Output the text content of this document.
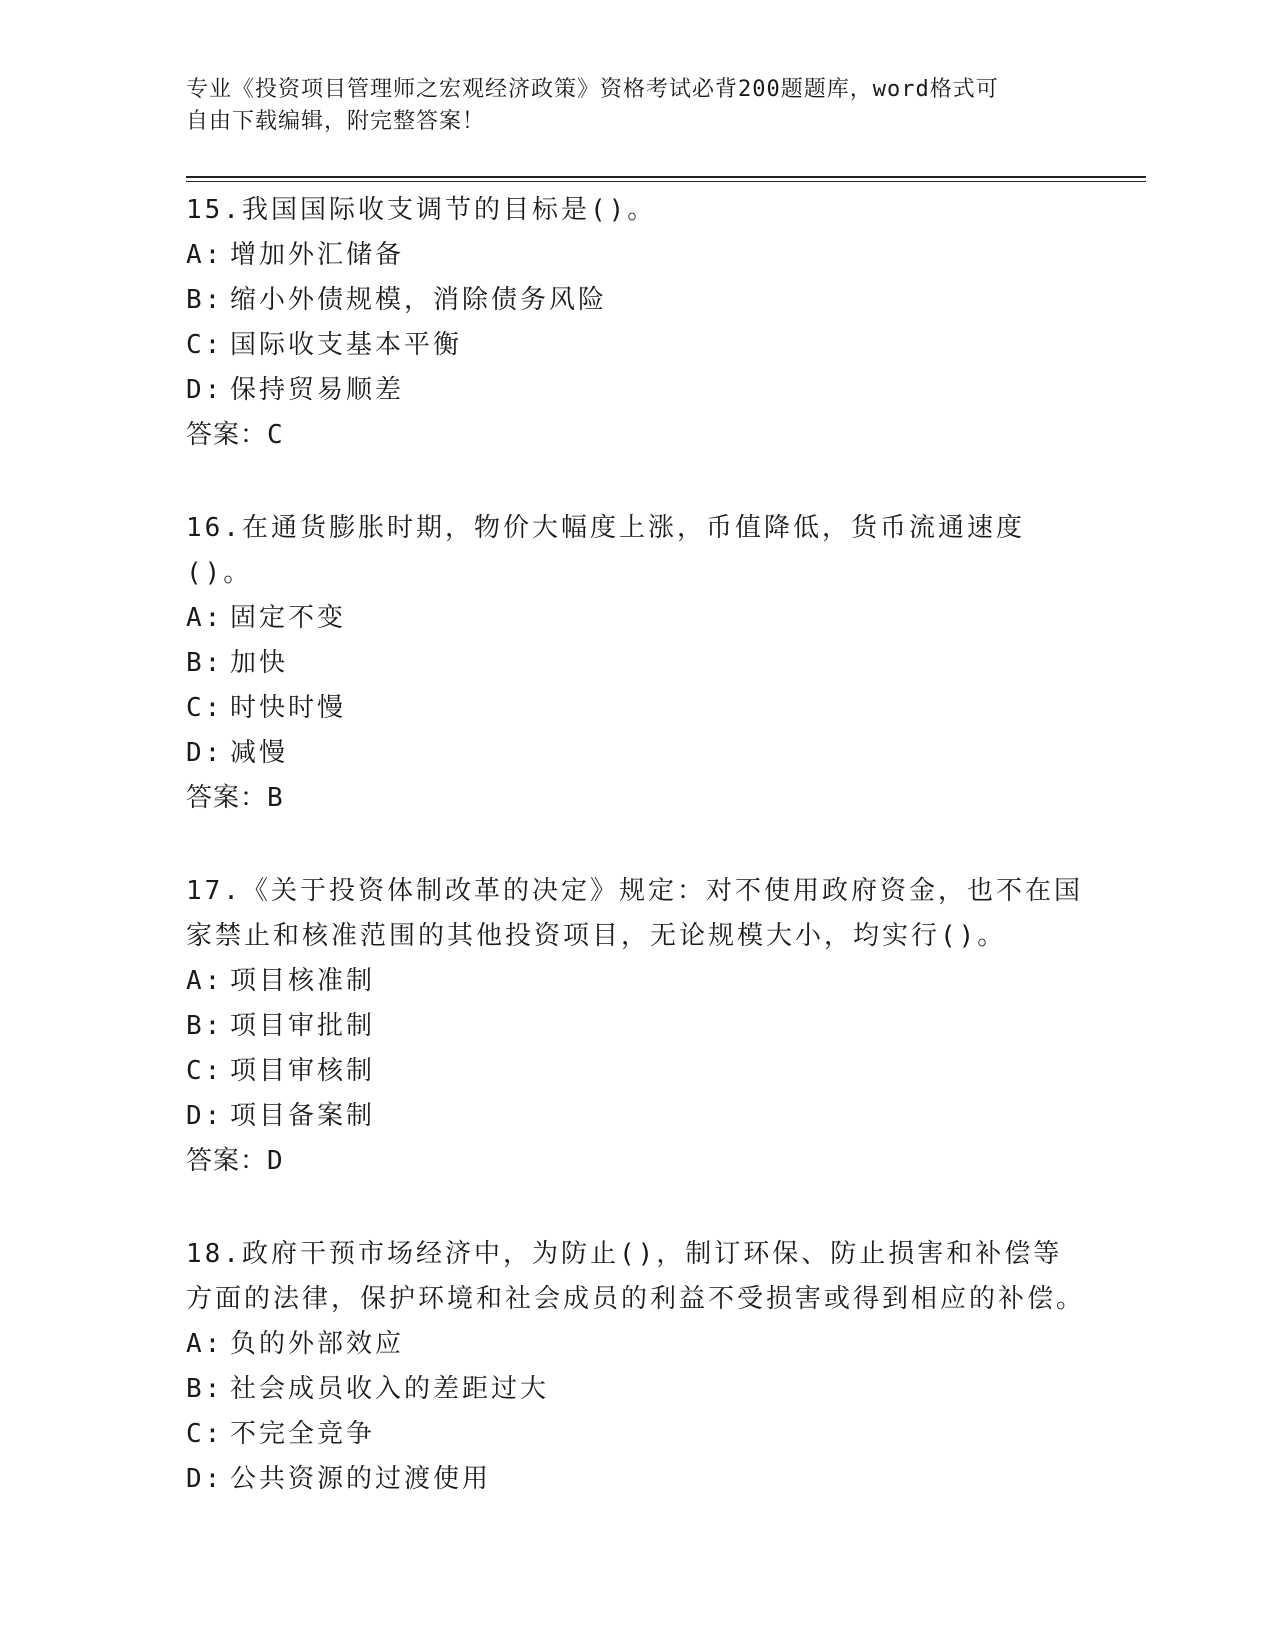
专业《投资项目管理师之宏观经济政策》资格考试必背200题题库，word格式可
自由下载编辑，附完整答案！
15.我国国际收支调节的目标是()。
A: 增加外汇储备
B: 缩小外债规模，消除债务风险
C: 国际收支基本平衡
D: 保持贸易顺差
答案：C
16.在通货膨胀时期，物价大幅度上涨，币值降低，货币流通速度()。
A: 固定不变
B: 加快
C: 时快时慢
D: 减慢
答案：B
17.《关于投资体制改革的决定》规定：对不使用政府资金，也不在国家禁止和核准范围的其他投资项目，无论规模大小，均实行()。
A: 项目核准制
B: 项目审批制
C: 项目审核制
D: 项目备案制
答案：D
18.政府干预市场经济中，为防止()，制订环保、防止损害和补偿等方面的法律，保护环境和社会成员的利益不受损害或得到相应的补偿。
A: 负的外部效应
B: 社会成员收入的差距过大
C: 不完全竞争
D: 公共资源的过渡使用
